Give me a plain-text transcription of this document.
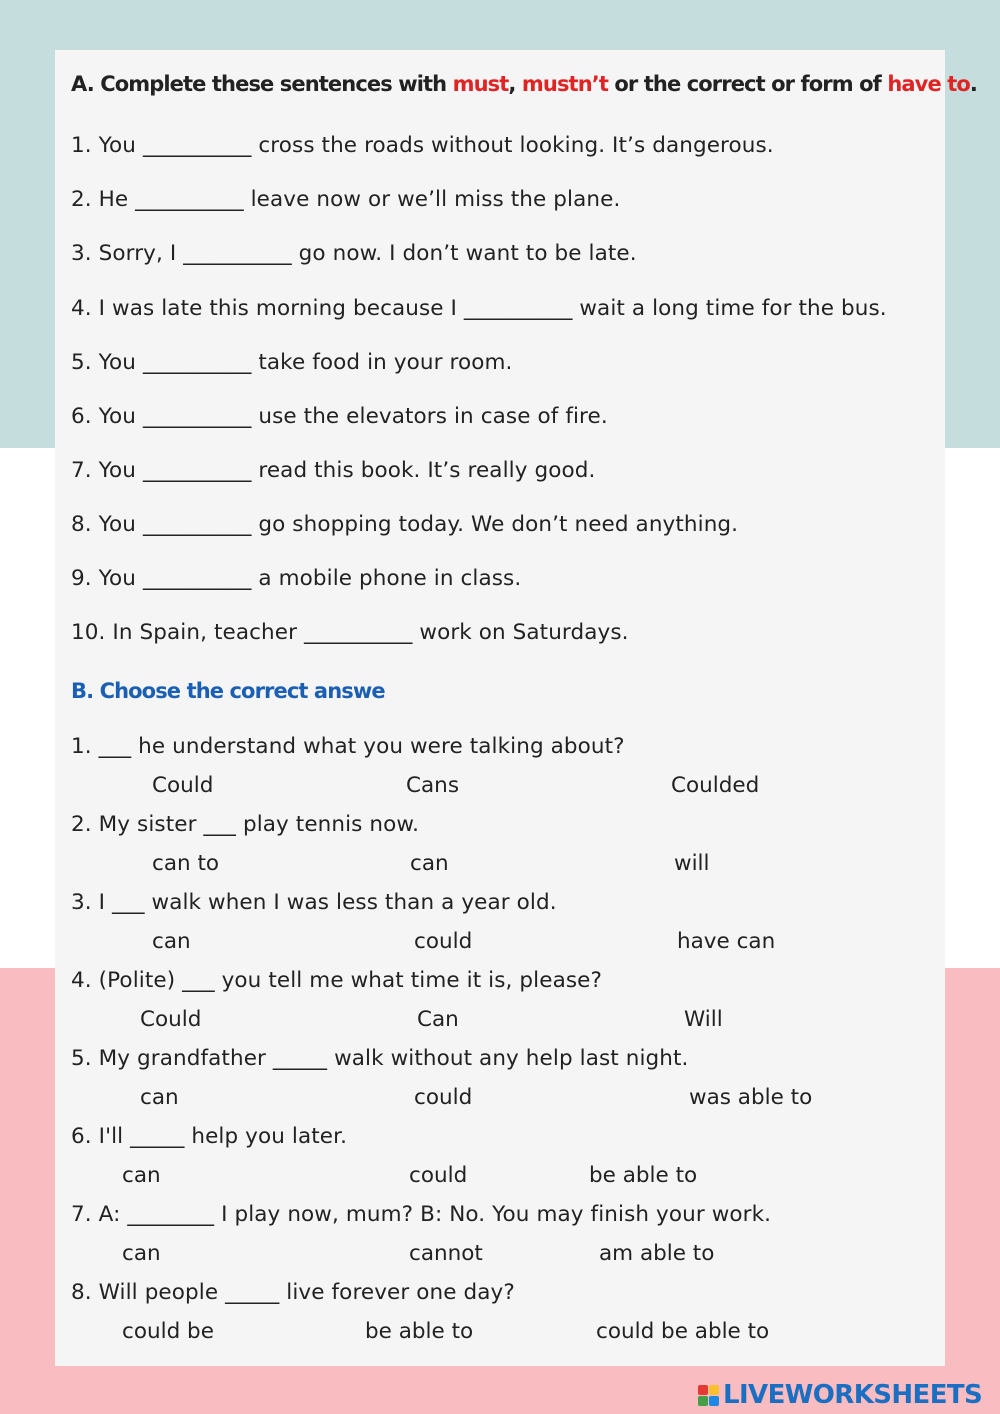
A. Complete these sentences with must, mustn’t or the correct or form of have to.
1. You __________ cross the roads without looking. It’s dangerous.
2. He __________ leave now or we’ll miss the plane.
3. Sorry, I __________ go now. I don’t want to be late.
4. I was late this morning because I __________ wait a long time for the bus.
5. You __________ take food in your room.
6. You __________ use the elevators in case of fire.
7. You __________ read this book. It’s really good.
8. You __________ go shopping today. We don’t need anything.
9. You __________ a mobile phone in class.
10. In Spain, teacher __________ work on Saturdays.
B. Choose the correct answe
1. ___ he understand what you were talking about?
Could	Cans	Coulded
2. My sister ___ play tennis now.
can to	can	will
3. I ___ walk when I was less than a year old.
can	could	have can
4. (Polite) ___ you tell me what time it is, please?
Could	Can	Will
5. My grandfather _____ walk without any help last night.
can	could	was able to
6. I'll _____ help you later.
can	could	be able to
7. A: ________ I play now, mum? B: No. You may finish your work.
can	cannot	am able to
8. Will people _____ live forever one day?
could be	be able to	could be able to
LIVEWORKSHEETS
